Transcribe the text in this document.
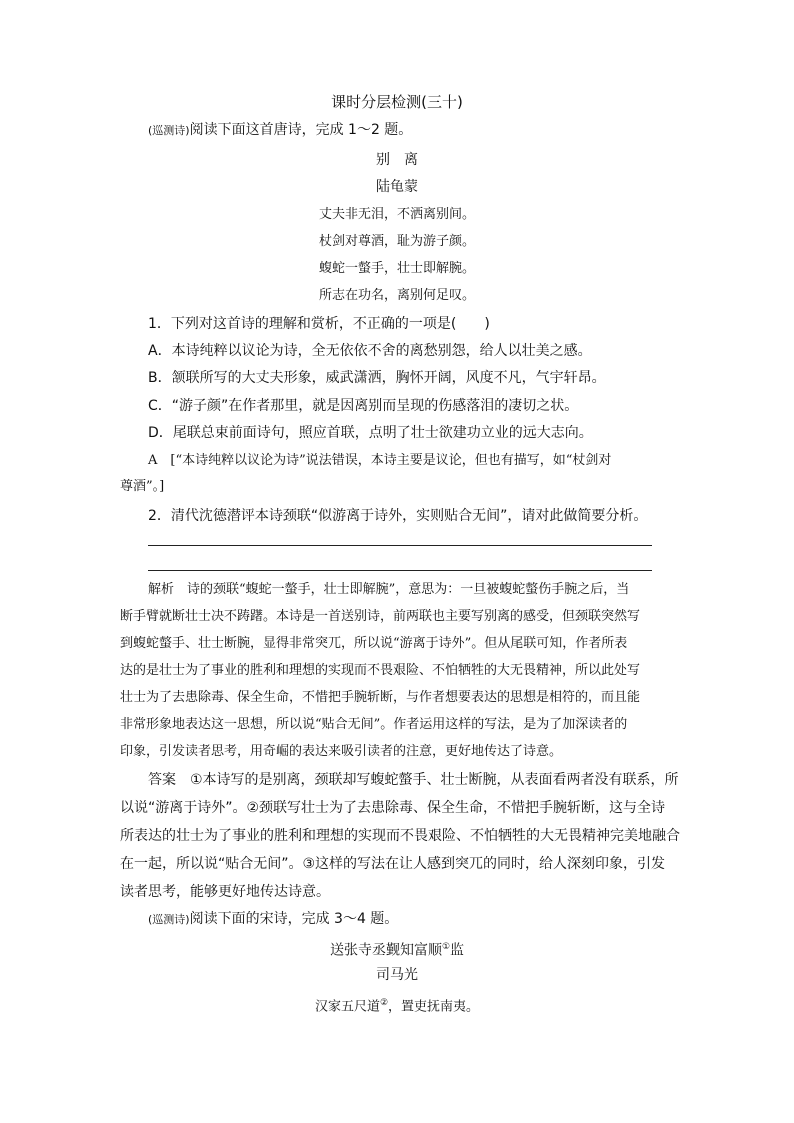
课时分层检测(三十)
(巡测诗)阅读下面这首唐诗，完成 1～2 题。
别　离
陆龟蒙
丈夫非无泪，不洒离别间。
杖剑对尊酒，耻为游子颜。
蝮蛇一螫手，壮士即解腕。
所志在功名，离别何足叹。
1．下列对这首诗的理解和赏析，不正确的一项是(　　)
A．本诗纯粹以议论为诗，全无依依不舍的离愁别怨，给人以壮美之感。
B．颔联所写的大丈夫形象，威武潇洒，胸怀开阔，风度不凡，气宇轩昂。
C．“游子颜”在作者那里，就是因离别而呈现的伤感落泪的凄切之状。
D．尾联总束前面诗句，照应首联，点明了壮士欲建功立业的远大志向。
A　[“本诗纯粹以议论为诗”说法错误，本诗主要是议论，但也有描写，如“杖剑对
尊酒”。]
2．清代沈德潜评本诗颈联“似游离于诗外，实则贴合无间”，请对此做简要分析。
解析　诗的颈联“蝮蛇一螫手，壮士即解腕”，意思为：一旦被蝮蛇螫伤手腕之后，当
断手臂就断壮士决不踌躇。本诗是一首送别诗，前两联也主要写别离的感受，但颈联突然写
到蝮蛇螫手、壮士断腕，显得非常突兀，所以说“游离于诗外”。但从尾联可知，作者所表
达的是壮士为了事业的胜利和理想的实现而不畏艰险、不怕牺牲的大无畏精神，所以此处写
壮士为了去患除毒、保全生命，不惜把手腕斩断，与作者想要表达的思想是相符的，而且能
非常形象地表达这一思想，所以说“贴合无间”。作者运用这样的写法，是为了加深读者的
印象，引发读者思考，用奇崛的表达来吸引读者的注意，更好地传达了诗意。
答案　①本诗写的是别离，颈联却写蝮蛇螫手、壮士断腕，从表面看两者没有联系，所
以说“游离于诗外”。②颈联写壮士为了去患除毒、保全生命，不惜把手腕斩断，这与全诗
所表达的壮士为了事业的胜利和理想的实现而不畏艰险、不怕牺牲的大无畏精神完美地融合
在一起，所以说“贴合无间”。③这样的写法在让人感到突兀的同时，给人深刻印象，引发
读者思考，能够更好地传达诗意。
(巡测诗)阅读下面的宋诗，完成 3～4 题。
送张寺丞觐知富顺①监
司马光
汉家五尺道②，置吏抚南夷。
